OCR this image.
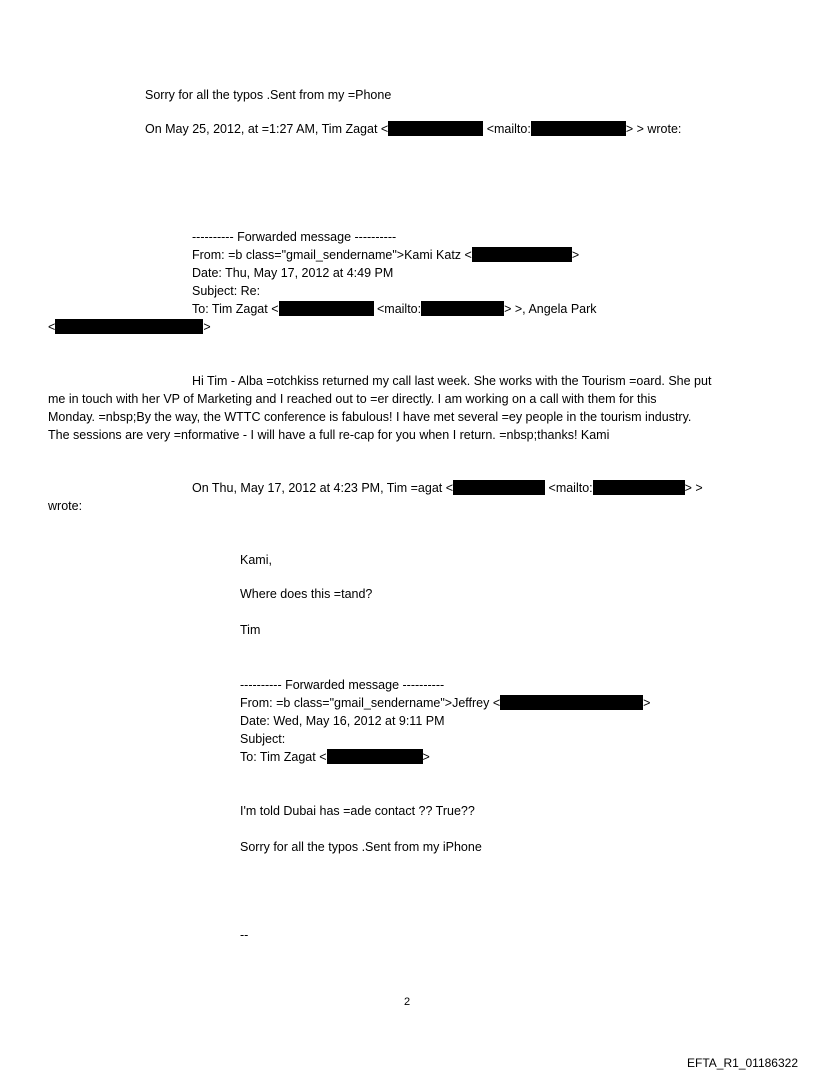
Sorry for all the typos .Sent from my =Phone
On May 25, 2012, at =1:27 AM, Tim Zagat <	<mailto:	> > wrote:
---------- Forwarded message ----------
From: =b class="gmail_sendername">Kami Katz <	>
Date: Thu, May 17, 2012 at 4:49 PM
Subject: Re:
To: Tim Zagat <	<mailto:	> >, Angela Park
<	>
Hi Tim - Alba =otchkiss returned my call last week. She works with the Tourism =oard. She put
me in touch with her VP of Marketing and I reached out to =er directly. I am working on a call with them for this
Monday. =nbsp;By the way, the WTTC conference is fabulous! I have met several =ey people in the tourism industry.
The sessions are very =nformative - I will have a full re-cap for you when I return. =nbsp;thanks! Kami
On Thu, May 17, 2012 at 4:23 PM, Tim =agat <	<mailto:	> >
wrote:
Kami,
Where does this =tand?
Tim
---------- Forwarded message ----------
From: =b class="gmail_sendername">Jeffrey <	>
Date: Wed, May 16, 2012 at 9:11 PM
Subject:
To: Tim Zagat <	>
I'm told Dubai has =ade contact ?? True??
Sorry for all the typos .Sent from my iPhone
--
2
EFTA_R1_01186322
